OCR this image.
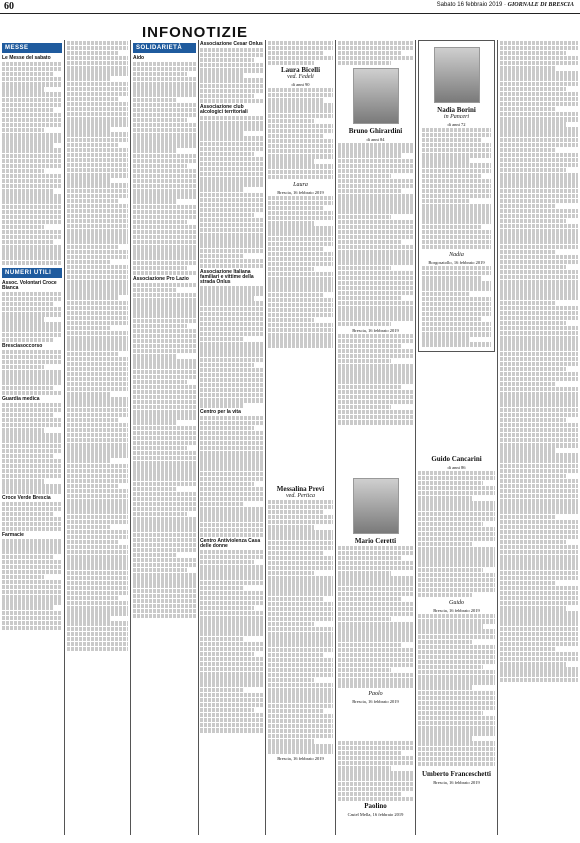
60	Sabato 16 febbraio 2019 · GIORNALE DI BRESCIA
INFONOTIZIE
MESSE
Le Messe del sabato
NUMERI UTILI
Assoc. Volontari Croce Bianca
Bresciasoccorso
Guardia medica
Croce Verde Brescia
Farmacie
SOLIDARIETÀ
Aido
Associazione Pro Lazio
Associazione Cesar Onlus
Associazione club alcologici territoriali
Associazione Italiana familiari e vittime della strada Onlus
Centro per la vita
Centro Antiviolenza Casa delle donne
Laura Bicelli
ved. Fedeli
di anni 90
Laura
Brescia, 16 febbraio 2019
Messalina Previ
ved. Pertica
Brescia, 16 febbraio 2019
Bruno Ghirardini
di anni 84
Brescia, 16 febbraio 2019
Mario Ceretti
Paolo
Brescia, 16 febbraio 2019
Paolino
Castel Mella, 16 febbraio 2019
Nadia Borini
in Panceri
di anni 72
Nadia
Borgosatollo, 16 febbraio 2019
Guido Cancarini
di anni 86
Guido
Brescia, 16 febbraio 2019
Umberto Franceschetti
Brescia, 16 febbraio 2019
